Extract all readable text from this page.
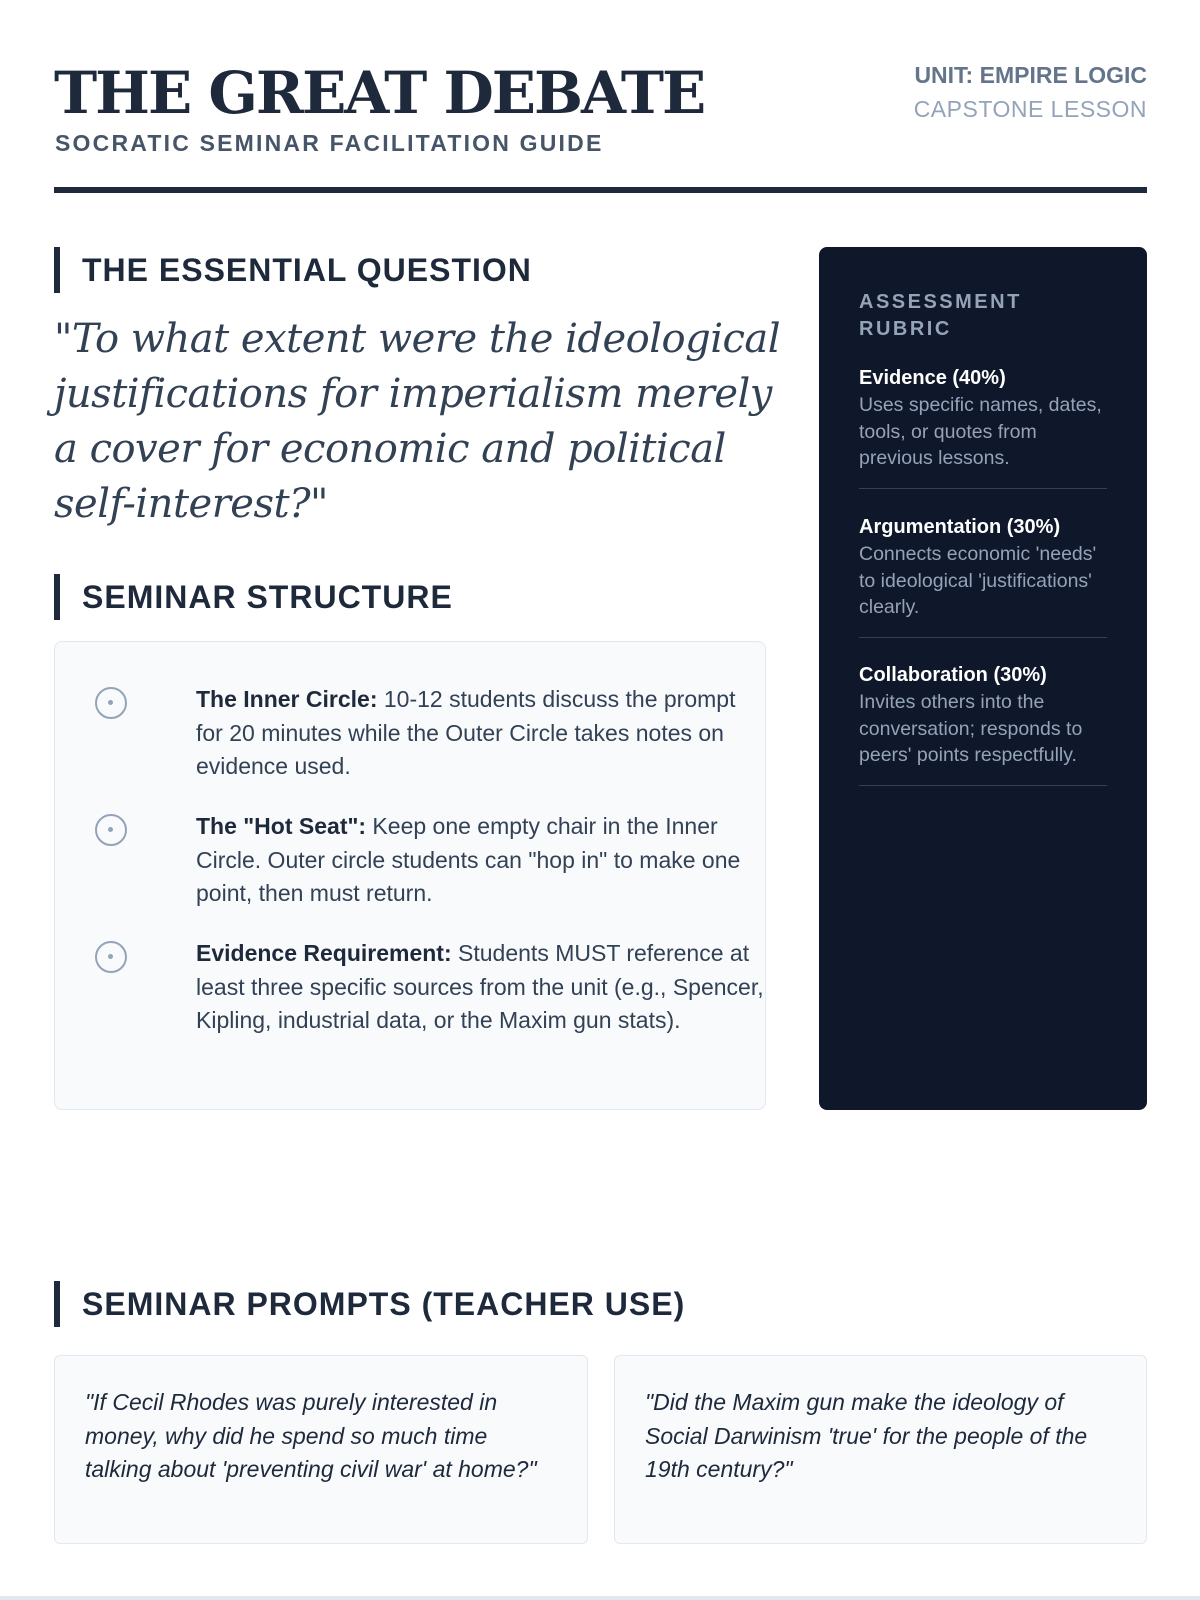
THE GREAT DEBATE
SOCRATIC SEMINAR FACILITATION GUIDE
UNIT: EMPIRE LOGIC
CAPSTONE LESSON
THE ESSENTIAL QUESTION
"To what extent were the ideological justifications for imperialism merely a cover for economic and political self-interest?"
SEMINAR STRUCTURE
The Inner Circle: 10-12 students discuss the prompt for 20 minutes while the Outer Circle takes notes on evidence used.
The "Hot Seat": Keep one empty chair in the Inner Circle. Outer circle students can "hop in" to make one point, then must return.
Evidence Requirement: Students MUST reference at least three specific sources from the unit (e.g., Spencer, Kipling, industrial data, or the Maxim gun stats).
ASSESSMENT RUBRIC
Evidence (40%)
Uses specific names, dates, tools, or quotes from previous lessons.
Argumentation (30%)
Connects economic 'needs' to ideological 'justifications' clearly.
Collaboration (30%)
Invites others into the conversation; responds to peers' points respectfully.
SEMINAR PROMPTS (TEACHER USE)
"If Cecil Rhodes was purely interested in money, why did he spend so much time talking about 'preventing civil war' at home?"
"Did the Maxim gun make the ideology of Social Darwinism 'true' for the people of the 19th century?"
